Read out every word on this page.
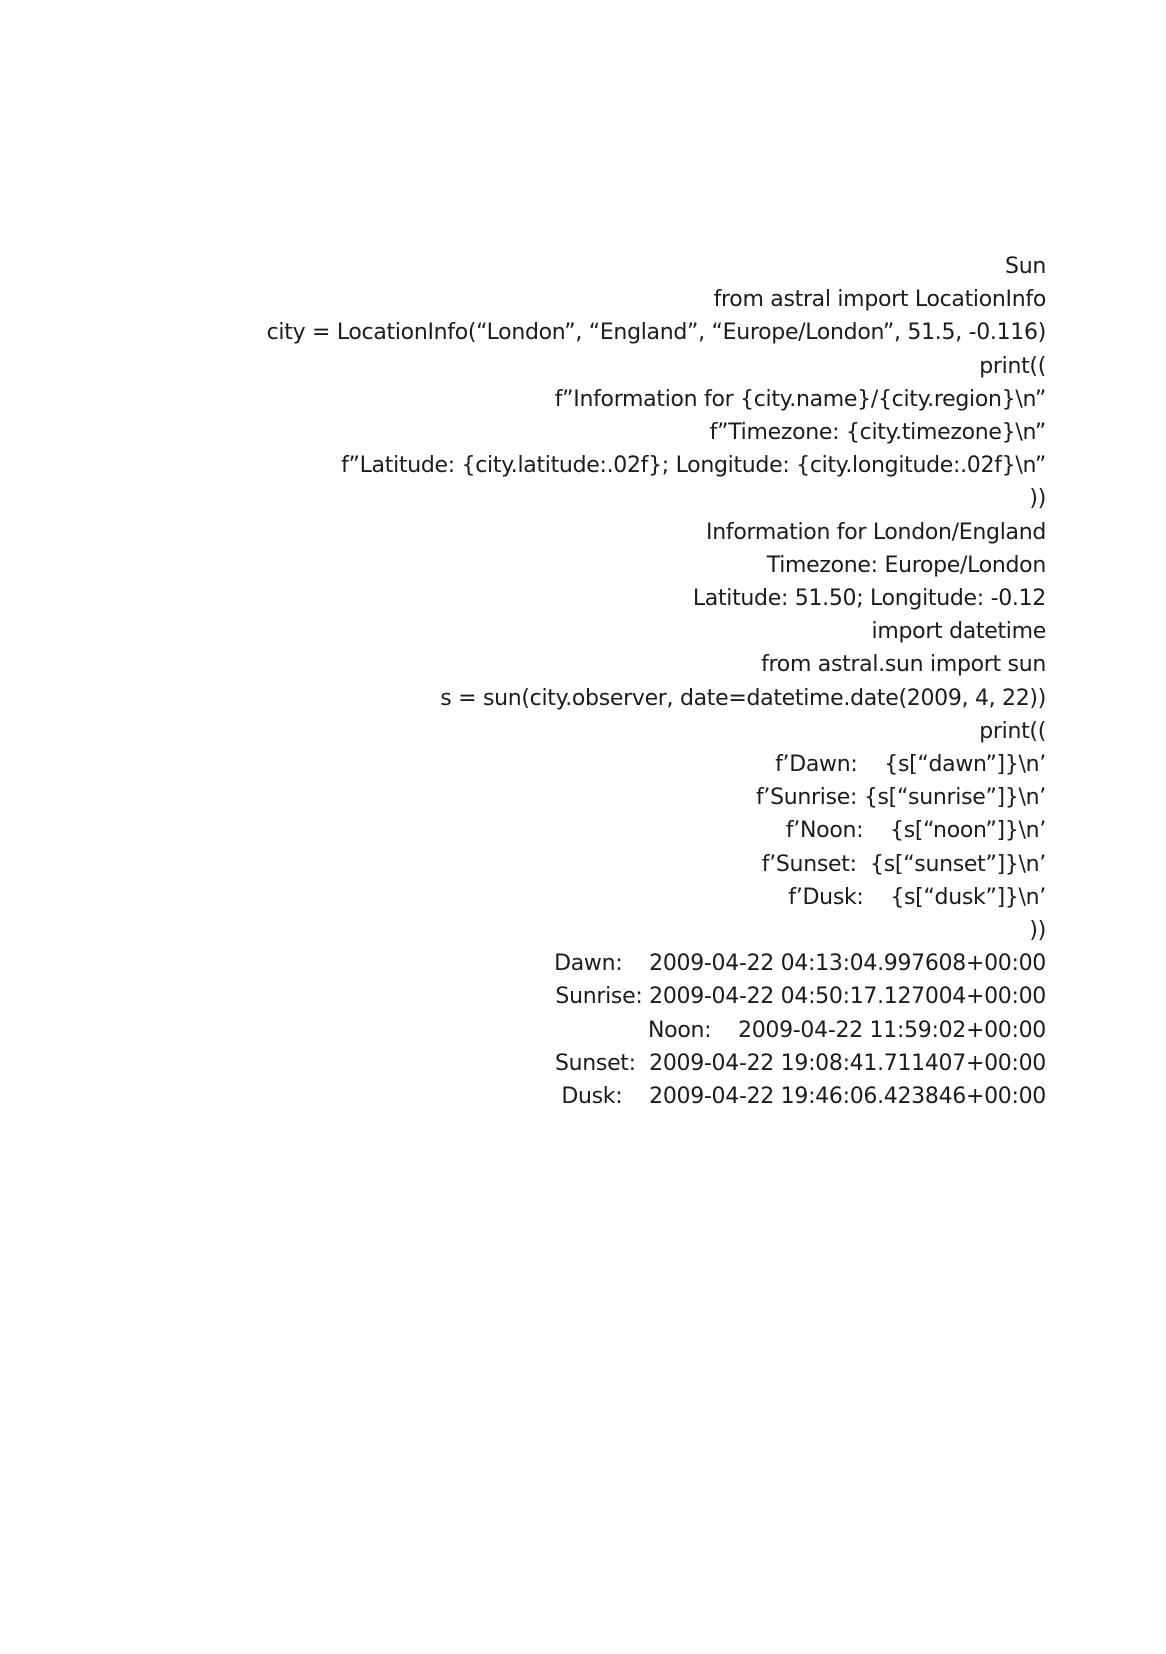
Sun
from astral import LocationInfo
city = LocationInfo(“London”, “England”, “Europe/London”, 51.5, -0.116)
print((
f”Information for {city.name}/{city.region}\n”
f”Timezone: {city.timezone}\n”
f”Latitude: {city.latitude:.02f}; Longitude: {city.longitude:.02f}\n”
))
Information for London/England
Timezone: Europe/London
Latitude: 51.50; Longitude: -0.12
import datetime
from astral.sun import sun
s = sun(city.observer, date=datetime.date(2009, 4, 22))
print((
f’Dawn:    {s[“dawn”]}\n’
f’Sunrise: {s[“sunrise”]}\n’
f’Noon:    {s[“noon”]}\n’
f’Sunset:  {s[“sunset”]}\n’
f’Dusk:    {s[“dusk”]}\n’
))
Dawn:    2009-04-22 04:13:04.997608+00:00
Sunrise: 2009-04-22 04:50:17.127004+00:00
Noon:    2009-04-22 11:59:02+00:00
Sunset:  2009-04-22 19:08:41.711407+00:00
Dusk:    2009-04-22 19:46:06.423846+00:00
